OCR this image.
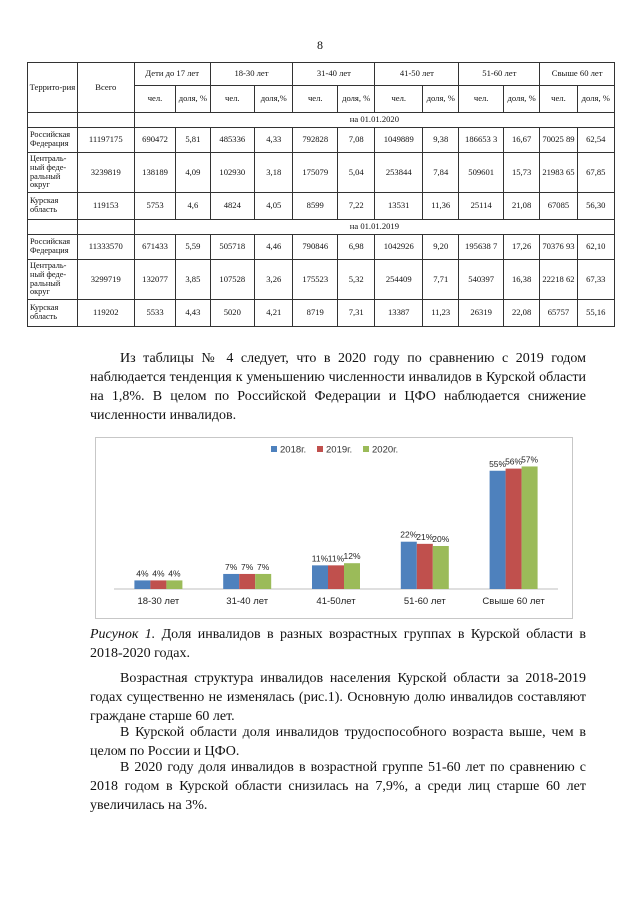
8
Террито-рия	Всего	Дети до 17 лет		18-30 лет		31-40 лет		41-50 лет		51-60 лет		Свыше 60 лет	
		чел.	доля, %	чел.	доля,%	чел.	доля, %	чел.	доля, %	чел.	доля, %	чел.	доля, %
		на 01.01.2020											
Российская Федерация	11197175	690472	5,81	485336	4,33	792828	7,08	1049889	9,38	186653 3	16,67	70025 89	62,54
Централь-ный феде-ральный округ	3239819	138189	4,09	102930	3,18	175079	5,04	253844	7,84	509601	15,73	21983 65	67,85
Курская область	119153	5753	4,6	4824	4,05	8599	7,22	13531	11,36	25114	21,08	67085	56,30
		на 01.01.2019											
Российская Федерация	11333570	671433	5,59	505718	4,46	790846	6,98	1042926	9,20	195638 7	17,26	70376 93	62,10
Централь-ный феде-ральный округ	3299719	132077	3,85	107528	3,26	175523	5,32	254409	7,71	540397	16,38	22218 62	67,33
Курская область	119202	5533	4,43	5020	4,21	8719	7,31	13387	11,23	26319	22,08	65757	55,16
Из таблицы № 4 следует, что в 2020 году по сравнению с 2019 годом наблюдается тенденция к уменьшению численности инвалидов в Курской области на 1,8%. В целом по Российской Федерации и ЦФО наблюдается снижение численности инвалидов.
2018г. 2019г. 2020г.
4% 4% 4%
18-30 лет
7% 7% 7%
31-40 лет
11% 11% 12%
41-50лет
22%
21%
20%
51-60 лет
55%
56%
57%
Свыше 60 лет
Рисунок 1. Доля инвалидов в разных возрастных группах в Курской области в 2018-2020 годах.
Возрастная структура инвалидов населения Курской области за 2018-2019 годах существенно не изменялась (рис.1). Основную долю инвалидов составляют граждане старше 60 лет.
В Курской области доля инвалидов трудоспособного возраста выше, чем в целом по России и ЦФО.
В 2020 году доля инвалидов в возрастной группе 51-60 лет по сравнению с 2018 годом в Курской области снизилась на 7,9%, а среди лиц старше 60 лет увеличилась на 3%.
